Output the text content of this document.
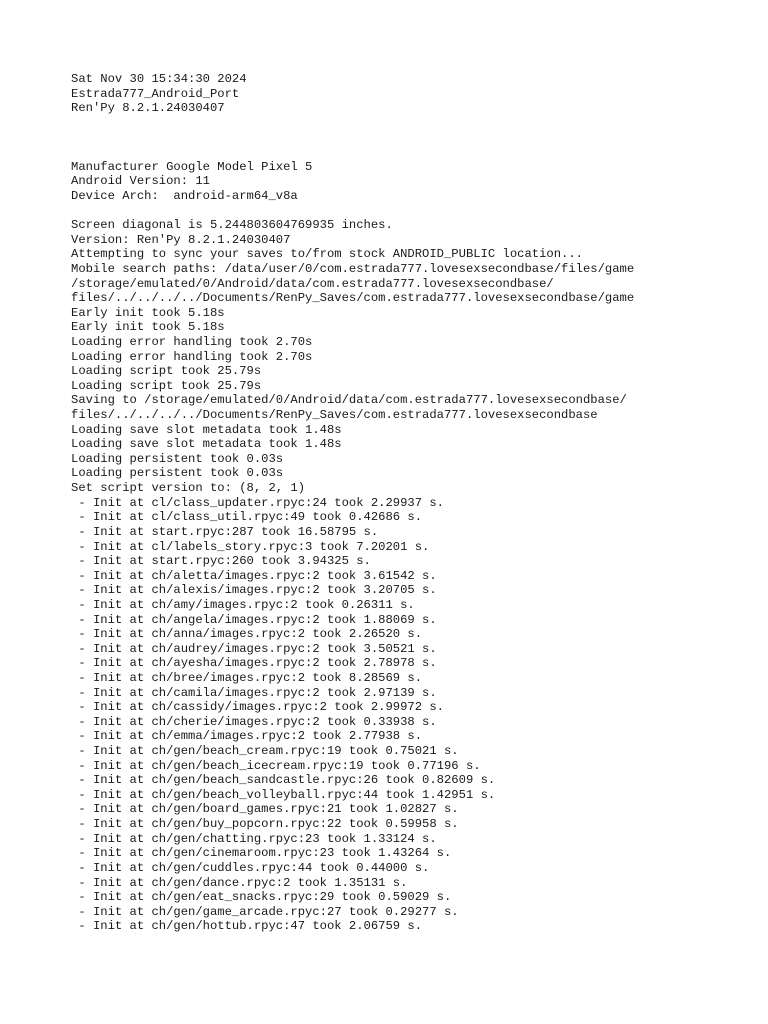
Sat Nov 30 15:34:30 2024
Estrada777_Android_Port
Ren'Py 8.2.1.24030407
Manufacturer Google Model Pixel 5
Android Version: 11
Device Arch:  android-arm64_v8a
Screen diagonal is 5.244803604769935 inches.
Version: Ren'Py 8.2.1.24030407
Attempting to sync your saves to/from stock ANDROID_PUBLIC location...
Mobile search paths: /data/user/0/com.estrada777.lovesexsecondbase/files/game
/storage/emulated/0/Android/data/com.estrada777.lovesexsecondbase/
files/../../../../Documents/RenPy_Saves/com.estrada777.lovesexsecondbase/game
Early init took 5.18s
Early init took 5.18s
Loading error handling took 2.70s
Loading error handling took 2.70s
Loading script took 25.79s
Loading script took 25.79s
Saving to /storage/emulated/0/Android/data/com.estrada777.lovesexsecondbase/
files/../../../../Documents/RenPy_Saves/com.estrada777.lovesexsecondbase
Loading save slot metadata took 1.48s
Loading save slot metadata took 1.48s
Loading persistent took 0.03s
Loading persistent took 0.03s
Set script version to: (8, 2, 1)
- Init at cl/class_updater.rpyc:24 took 2.29937 s.
- Init at cl/class_util.rpyc:49 took 0.42686 s.
- Init at start.rpyc:287 took 16.58795 s.
- Init at cl/labels_story.rpyc:3 took 7.20201 s.
- Init at start.rpyc:260 took 3.94325 s.
- Init at ch/aletta/images.rpyc:2 took 3.61542 s.
- Init at ch/alexis/images.rpyc:2 took 3.20705 s.
- Init at ch/amy/images.rpyc:2 took 0.26311 s.
- Init at ch/angela/images.rpyc:2 took 1.88069 s.
- Init at ch/anna/images.rpyc:2 took 2.26520 s.
- Init at ch/audrey/images.rpyc:2 took 3.50521 s.
- Init at ch/ayesha/images.rpyc:2 took 2.78978 s.
- Init at ch/bree/images.rpyc:2 took 8.28569 s.
- Init at ch/camila/images.rpyc:2 took 2.97139 s.
- Init at ch/cassidy/images.rpyc:2 took 2.99972 s.
- Init at ch/cherie/images.rpyc:2 took 0.33938 s.
- Init at ch/emma/images.rpyc:2 took 2.77938 s.
- Init at ch/gen/beach_cream.rpyc:19 took 0.75021 s.
- Init at ch/gen/beach_icecream.rpyc:19 took 0.77196 s.
- Init at ch/gen/beach_sandcastle.rpyc:26 took 0.82609 s.
- Init at ch/gen/beach_volleyball.rpyc:44 took 1.42951 s.
- Init at ch/gen/board_games.rpyc:21 took 1.02827 s.
- Init at ch/gen/buy_popcorn.rpyc:22 took 0.59958 s.
- Init at ch/gen/chatting.rpyc:23 took 1.33124 s.
- Init at ch/gen/cinemaroom.rpyc:23 took 1.43264 s.
- Init at ch/gen/cuddles.rpyc:44 took 0.44000 s.
- Init at ch/gen/dance.rpyc:2 took 1.35131 s.
- Init at ch/gen/eat_snacks.rpyc:29 took 0.59029 s.
- Init at ch/gen/game_arcade.rpyc:27 took 0.29277 s.
- Init at ch/gen/hottub.rpyc:47 took 2.06759 s.
